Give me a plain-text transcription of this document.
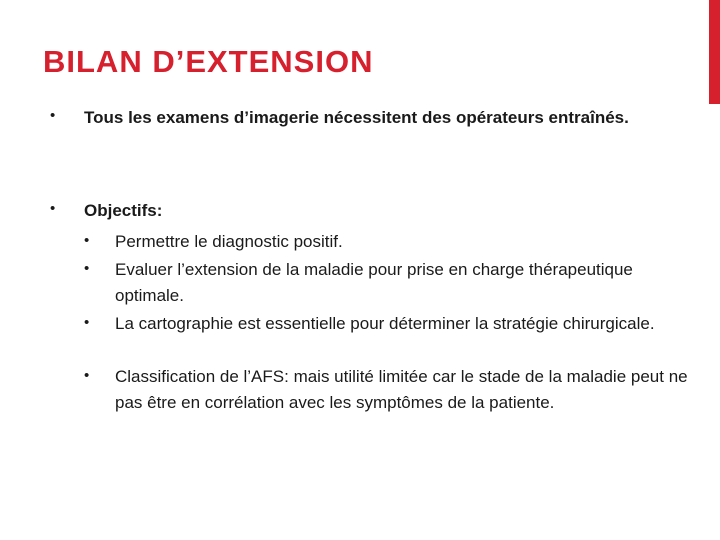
BILAN D’EXTENSION
• Tous les examens d’imagerie nécessitent des opérateurs entraînés.
• Objectifs:
• Permettre le diagnostic positif.
• Evaluer l’extension de la maladie pour prise en charge thérapeutique optimale.
• La cartographie est essentielle pour déterminer la stratégie chirurgicale.
• Classification de l’AFS: mais utilité limitée car le stade de la maladie peut ne pas être en corrélation avec les symptômes de la patiente.
